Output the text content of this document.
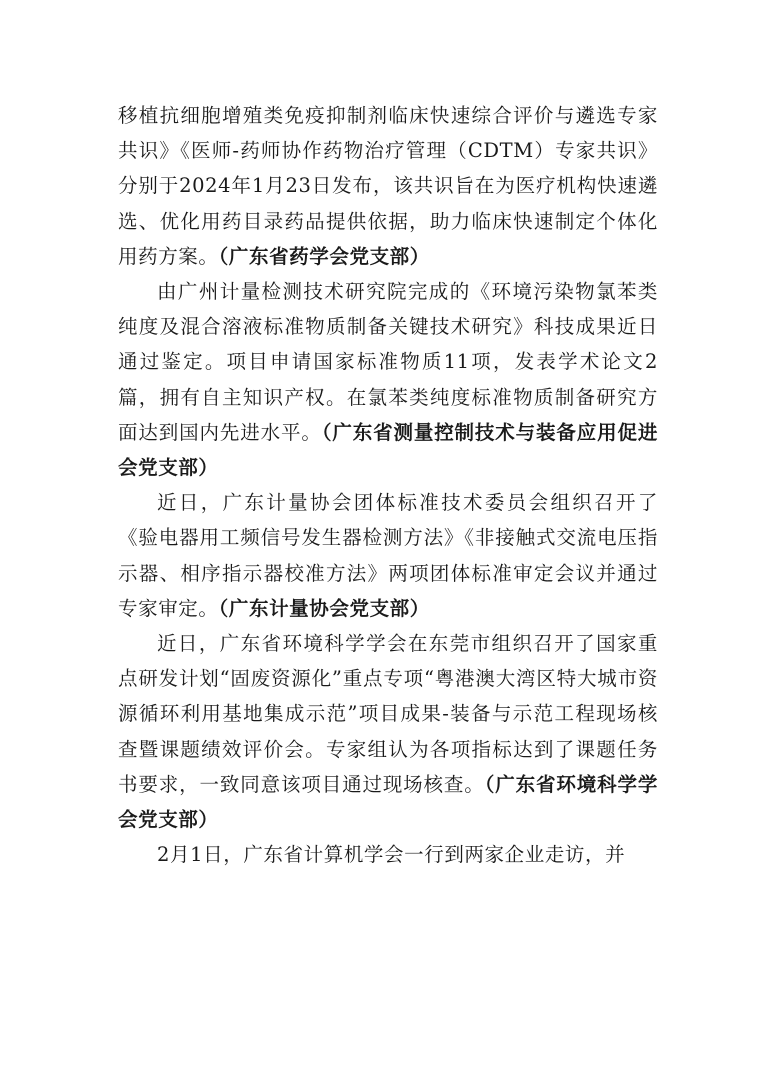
移植抗细胞增殖类免疫抑制剂临床快速综合评价与遴选专家共识》《医师-药师协作药物治疗管理（CDTM）专家共识》分别于2024年1月23日发布，该共识旨在为医疗机构快速遴选、优化用药目录药品提供依据，助力临床快速制定个体化用药方案。（广东省药学会党支部）

由广州计量检测技术研究院完成的《环境污染物氯苯类纯度及混合溶液标准物质制备关键技术研究》科技成果近日通过鉴定。项目申请国家标准物质11项，发表学术论文2篇，拥有自主知识产权。在氯苯类纯度标准物质制备研究方面达到国内先进水平。（广东省测量控制技术与装备应用促进会党支部）

近日，广东计量协会团体标准技术委员会组织召开了《验电器用工频信号发生器检测方法》《非接触式交流电压指示器、相序指示器校准方法》两项团体标准审定会议并通过专家审定。（广东计量协会党支部）

近日，广东省环境科学学会在东莞市组织召开了国家重点研发计划“固废资源化”重点专项“粤港澳大湾区特大城市资源循环利用基地集成示范”项目成果-装备与示范工程现场核查暨课题绩效评价会。专家组认为各项指标达到了课题任务书要求，一致同意该项目通过现场核查。（广东省环境科学学会党支部）

2月1日，广东省计算机学会一行到两家企业走访，并
